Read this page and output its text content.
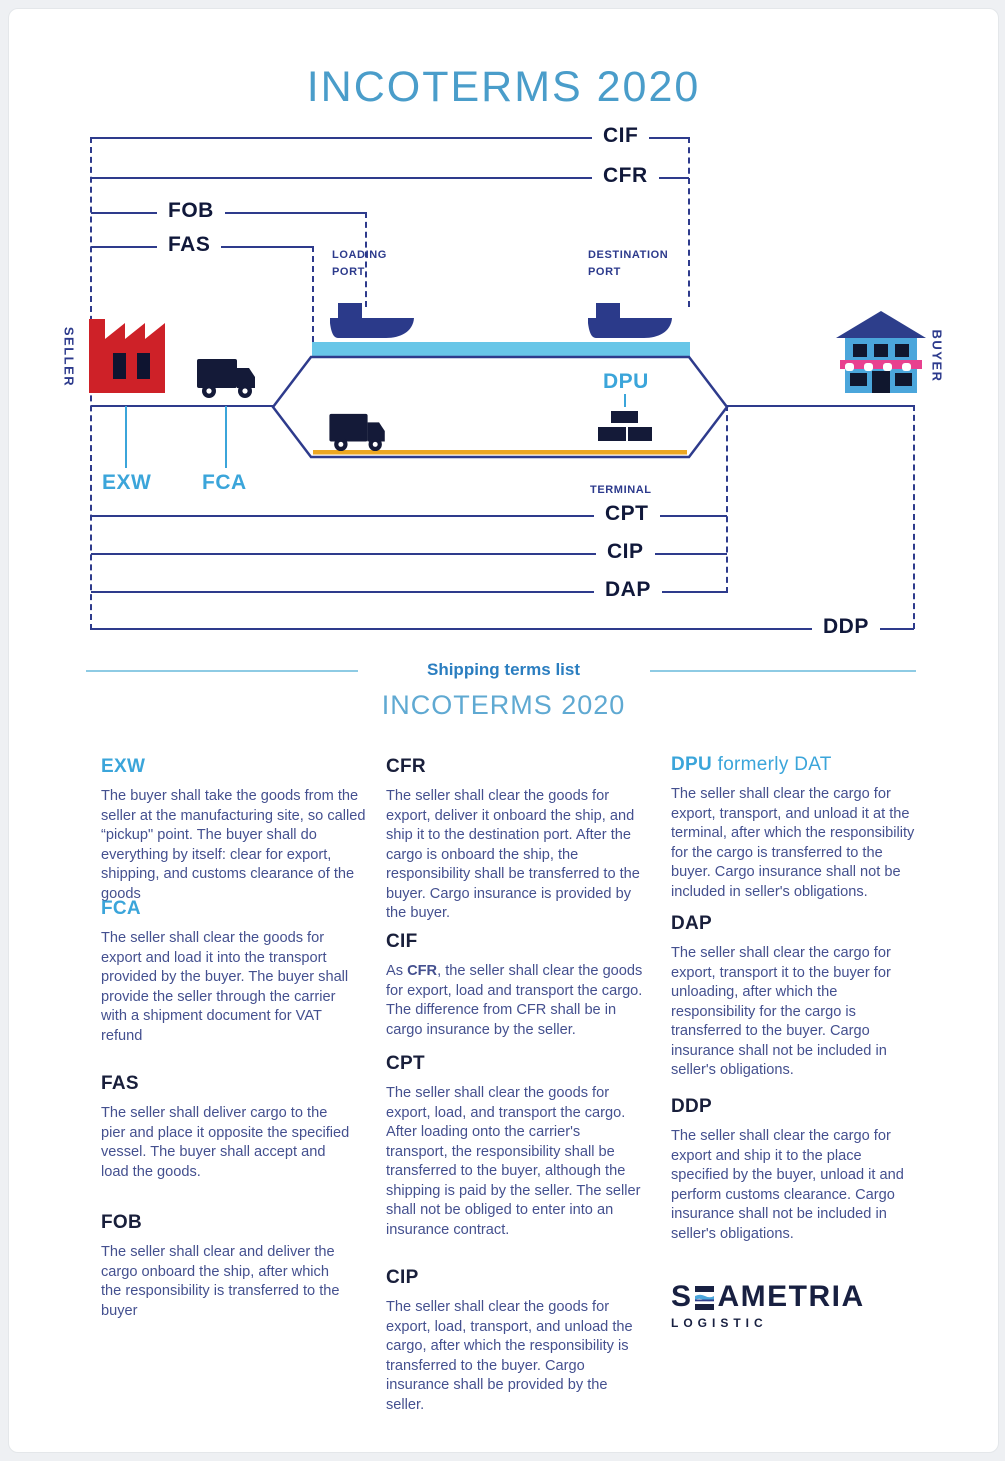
INCOTERMS 2020
CIF
CFR
FOB
FAS
CPT
CIP
DAP
DDP
LOADING PORT
DESTINATION PORT
TERMINAL
SELLER	BUYER
DPU
EXW FCA
Shipping terms list
INCOTERMS 2020
EXW

The buyer shall take the goods from the seller at the manufacturing site, so called “pickup" point. The buyer shall do everything by itself: clear for export, shipping, and customs clearance of the goods

FCA

The seller shall clear the goods for export and load it into the transport provided by the buyer. The buyer shall provide the seller through the carrier with a shipment document for VAT refund

FAS

The seller shall deliver cargo to the pier and place it opposite the specified vessel. The buyer shall accept and load the goods.

FOB

The seller shall clear and deliver the cargo onboard the ship, after which the responsibility is transferred to the buyer

CFR

The seller shall clear the goods for export, deliver it onboard the ship, and ship it to the destination port. After the cargo is onboard the ship, the responsibility shall be transferred to the buyer. Cargo insurance is provided by the buyer.

CIF

As CFR, the seller shall clear the goods for export, load and transport the cargo. The difference from CFR shall be in cargo insurance by the seller.

CPT

The seller shall clear the goods for export, load, and transport the cargo. After loading onto the carrier's transport, the responsibility shall be transferred to the buyer, although the shipping is paid by the seller. The seller shall not be obliged to enter into an insurance contract.

CIP

The seller shall clear the goods for export, load, transport, and unload the cargo, after which the responsibility is transferred to the buyer. Cargo insurance shall be provided by the seller.

DPU formerly DAT

The seller shall clear the cargo for export, transport, and unload it at the terminal, after which the responsibility for the cargo is transferred to the buyer. Cargo insurance shall not be included in seller's obligations.

DAP

The seller shall clear the cargo for export, transport it to the buyer for unloading, after which the responsibility for the cargo is transferred to the buyer. Cargo insurance shall not be included in seller's obligations.

DDP

The seller shall clear the cargo for export and ship it to the place specified by the buyer, unload it and perform customs clearance. Cargo insurance shall not be included in seller's obligations.

S AMETRIA
LOGISTIC
